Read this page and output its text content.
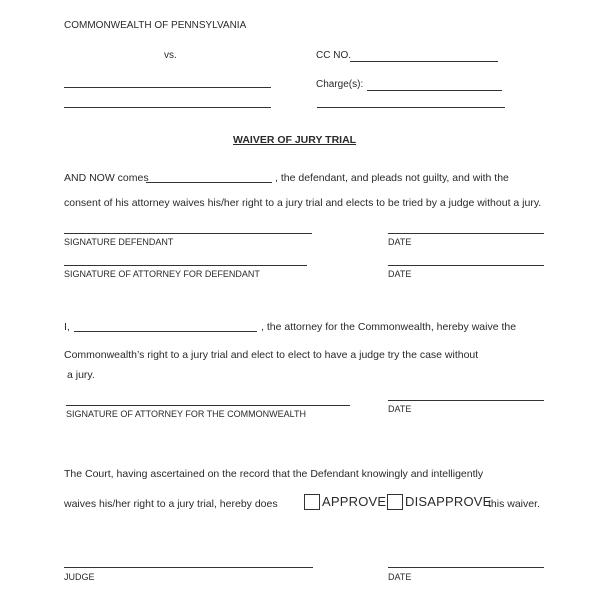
COMMONWEALTH OF PENNSYLVANIA
vs.	CC NO.
Charge(s):
WAIVER OF JURY TRIAL
AND NOW comes	, the defendant, and pleads not guilty, and with the
consent of his attorney waives his/her right to a jury trial and elects to be tried by a judge without a jury.
SIGNATURE DEFENDANT	DATE
SIGNATURE OF ATTORNEY FOR DEFENDANT	DATE
I,	, the attorney for the Commonwealth, hereby waive the
Commonwealth’s right to a jury trial and elect to elect to have a judge try the case without
a jury.
SIGNATURE OF ATTORNEY FOR THE COMMONWEALTH	DATE
The Court, having ascertained on the record that the Defendant knowingly and intelligently
waives his/her right to a jury trial, hereby does	APPROVE DISAPPROVE
this waiver.
JUDGE	DATE
